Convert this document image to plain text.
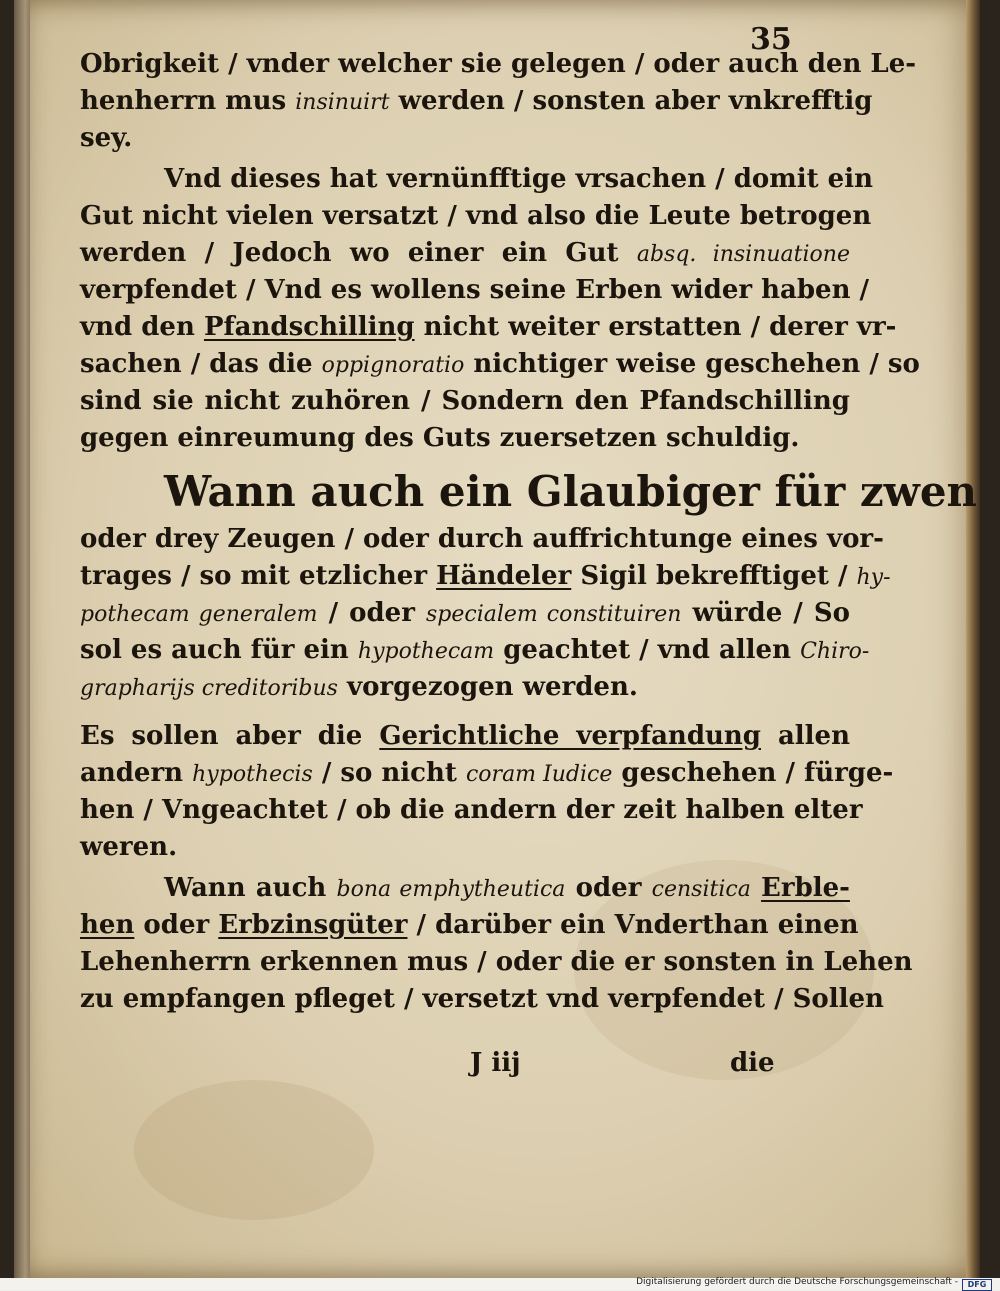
35
Obrigkeit / vnder welcher sie gelegen / oder auch den Le-
henherrn mus insinuirt werden / sonsten aber vnkrefftig
sey.
Vnd dieses hat vernünfftige vrsachen / domit ein
Gut nicht vielen versatzt / vnd also die Leute betrogen
werden / Jedoch wo einer ein Gut absq. insinuatione
verpfendet / Vnd es wollens seine Erben wider haben /
vnd den Pfandschilling nicht weiter erstatten / derer vr-
sachen / das die oppignoratio nichtiger weise geschehen / so
sind sie nicht zuhören / Sondern den Pfandschilling
gegen einreumung des Guts zuersetzen schuldig.
Wann auch ein Glaubiger für zwen
oder drey Zeugen / oder durch auffrichtunge eines vor-
trages / so mit etzlicher Händeler Sigil bekrefftiget / hy-
pothecam generalem / oder specialem constituiren würde / So
sol es auch für ein hypothecam geachtet / vnd allen Chiro-
graphariјs creditoribus vorgezogen werden.
Es sollen aber die Gerichtliche verpfandung allen
andern hypothecis / so nicht coram Iudice geschehen / fürge-
hen / Vngeachtet / ob die andern der zeit halben elter
weren.
Wann auch bona emphytheutica oder censitica Erble-
hen oder Erbzinsgüter / darüber ein Vnderthan einen
Lehenherrn erkennen mus / oder die er sonsten in Lehen
zu empfangen pfleget / versetzt vnd verpfendet / Sollen
J iij	die
Digitalisierung gefördert durch die Deutsche Forschungsgemeinschaft -	DFG
